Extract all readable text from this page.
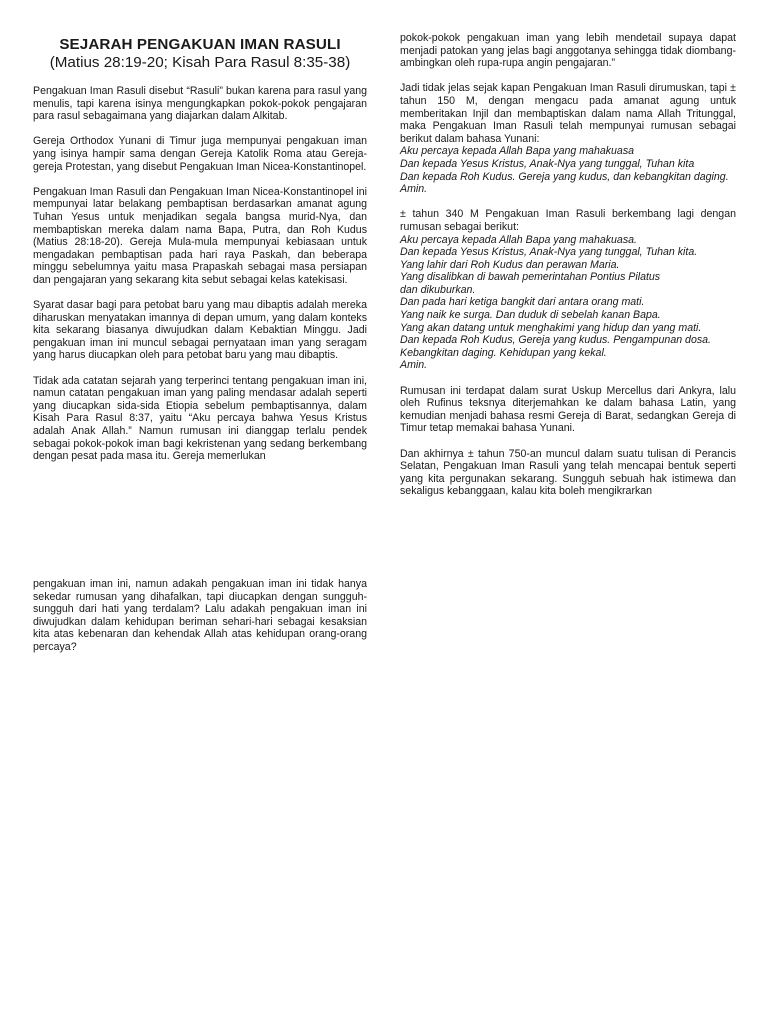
SEJARAH PENGAKUAN IMAN RASULI
(Matius 28:19-20; Kisah Para Rasul 8:35-38)

Pengakuan Iman Rasuli disebut “Rasuli” bukan karena para rasul yang menulis, tapi karena isinya mengungkapkan pokok-pokok pengajaran para rasul sebagaimana yang diajarkan dalam Alkitab.

Gereja Orthodox Yunani di Timur juga mempunyai pengakuan iman yang isinya hampir sama dengan Gereja Katolik Roma atau Gereja-gereja Protestan, yang disebut Pengakuan Iman Nicea-Konstantinopel.

Pengakuan Iman Rasuli dan Pengakuan Iman Nicea-Konstantinopel ini mempunyai latar belakang pembaptisan berdasarkan amanat agung Tuhan Yesus untuk menjadikan segala bangsa murid-Nya, dan membaptiskan mereka dalam nama Bapa, Putra, dan Roh Kudus (Matius 28:18-20). Gereja Mula-mula mempunyai kebiasaan untuk mengadakan pembaptisan pada hari raya Paskah, dan beberapa minggu sebelumnya yaitu masa Prapaskah sebagai masa persiapan dan pengajaran yang sekarang kita sebut sebagai kelas katekisasi.

Syarat dasar bagi para petobat baru yang mau dibaptis adalah mereka diharuskan menyatakan imannya di depan umum, yang dalam konteks kita sekarang biasanya diwujudkan dalam Kebaktian Minggu. Jadi pengakuan iman ini muncul sebagai pernyataan iman yang seragam yang harus diucapkan oleh para petobat baru yang mau dibaptis.

Tidak ada catatan sejarah yang terperinci tentang pengakuan iman ini, namun catatan pengakuan iman yang paling mendasar adalah seperti yang diucapkan sida-sida Etiopia sebelum pembaptisannya, dalam Kisah Para Rasul 8:37, yaitu “Aku percaya bahwa Yesus Kristus adalah Anak Allah.” Namun rumusan ini dianggap terlalu pendek sebagai pokok-pokok iman bagi kekristenan yang sedang berkembang dengan pesat pada masa itu. Gereja memerlukan

pengakuan iman ini, namun adakah pengakuan iman ini tidak hanya sekedar rumusan yang dihafalkan, tapi diucapkan dengan sungguh-sungguh dari hati yang terdalam? Lalu adakah pengakuan iman ini diwujudkan dalam kehidupan beriman sehari-hari sebagai kesaksian kita atas kebenaran dan kehendak Allah atas kehidupan orang-orang percaya?

pokok-pokok pengakuan iman yang lebih mendetail supaya dapat menjadi patokan yang jelas bagi anggotanya sehingga tidak diombang-ambingkan oleh rupa-rupa angin pengajaran.”

Jadi tidak jelas sejak kapan Pengakuan Iman Rasuli dirumuskan, tapi ± tahun 150 M, dengan mengacu pada amanat agung untuk memberitakan Injil dan membaptiskan dalam nama Allah Tritunggal, maka Pengakuan Iman Rasuli telah mempunyai rumusan sebagai berikut dalam bahasa Yunani:
Aku percaya kepada Allah Bapa yang mahakuasa
Dan kepada Yesus Kristus, Anak-Nya yang tunggal, Tuhan kita
Dan kepada Roh Kudus. Gereja yang kudus, dan kebangkitan daging. Amin.
± tahun 340 M Pengakuan Iman Rasuli berkembang lagi dengan rumusan sebagai berikut:
Aku percaya kepada Allah Bapa yang mahakuasa.
Dan kepada Yesus Kristus, Anak-Nya yang tunggal, Tuhan kita.
Yang lahir dari Roh Kudus dan perawan Maria.
Yang disalibkan di bawah pemerintahan Pontius Pilatus
dan dikuburkan.
Dan pada hari ketiga bangkit dari antara orang mati.
Yang naik ke surga. Dan duduk di sebelah kanan Bapa.
Yang akan datang untuk menghakimi yang hidup dan yang mati.
Dan kepada Roh Kudus, Gereja yang kudus. Pengampunan dosa.
Kebangkitan daging. Kehidupan yang kekal.
Amin.

Rumusan ini terdapat dalam surat Uskup Mercellus dari Ankyra, lalu oleh Rufinus teksnya diterjemahkan ke dalam bahasa Latin, yang kemudian menjadi bahasa resmi Gereja di Barat, sedangkan Gereja di Timur tetap memakai bahasa Yunani.

Dan akhirnya ± tahun 750-an muncul dalam suatu tulisan di Perancis Selatan, Pengakuan Iman Rasuli yang telah mencapai bentuk seperti yang kita pergunakan sekarang. Sungguh sebuah hak istimewa dan sekaligus kebanggaan, kalau kita boleh mengikrarkan
